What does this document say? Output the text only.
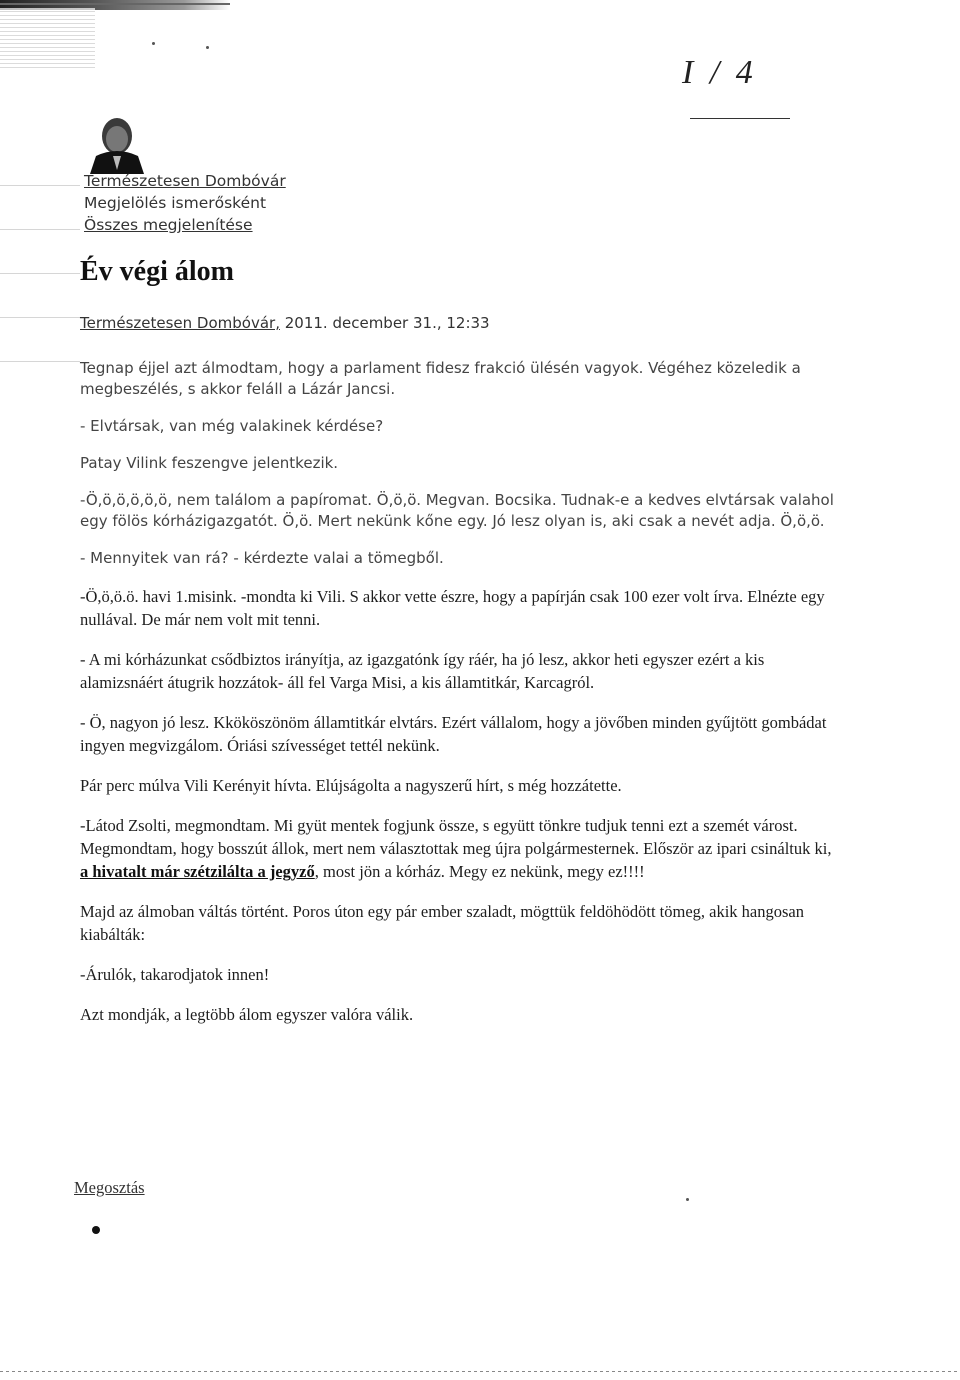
I / 4
Természetesen Dombóvár
Megjelölés ismerősként
Összes megjelenítése
Év végi álom
Természetesen Dombóvár, 2011. december 31., 12:33

Tegnap éjjel azt álmodtam, hogy a parlament fidesz frakció ülésén vagyok. Végéhez közeledik a megbeszélés, s akkor feláll a Lázár Jancsi.

- Elvtársak, van még valakinek kérdése?

Patay Vilink feszengve jelentkezik.

-Ö,ö,ö,ö,ö,ö, nem találom a papíromat. Ö,ö,ö. Megvan. Bocsika. Tudnak-e a kedves elvtársak valahol egy fölös kórházigazgatót. Ö,ö. Mert nekünk kőne egy. Jó lesz olyan is, aki csak a nevét adja. Ö,ö,ö.

- Mennyitek van rá? - kérdezte valai a tömegből.

-Ö,ö,ö.ö. havi 1.misink. -mondta ki Vili. S akkor vette észre, hogy a papírján csak 100 ezer volt írva. Elnézte egy nullával. De már nem volt mit tenni.

- A mi kórházunkat csődbiztos irányítja, az igazgatónk így ráér, ha jó lesz, akkor heti egyszer ezért a kis alamizsnáért átugrik hozzátok- áll fel Varga Misi, a kis államtitkár, Karcagról.

- Ö, nagyon jó lesz. Kkököszönöm államtitkár elvtárs. Ezért vállalom, hogy a jövőben minden gyűjtött gombádat ingyen megvizgálom. Óriási szívességet tettél nekünk.

Pár perc múlva Vili Kerényit hívta. Elújságolta a nagyszerű hírt, s még hozzátette.

-Látod Zsolti, megmondtam. Mi gyüt mentek fogjunk össze, s együtt tönkre tudjuk tenni ezt a szemét várost. Megmondtam, hogy bosszút állok, mert nem választottak meg újra polgármesternek. Először az ipari csináltuk ki, a hivatalt már szétzilálta a jegyző, most jön a kórház. Megy ez nekünk, megy ez!!!!

Majd az álmoban váltás történt. Poros úton egy pár ember szaladt, mögttük feldöhödött tömeg, akik hangosan kiabálták:

-Árulók, takarodjatok innen!

Azt mondják, a legtöbb álom egyszer valóra válik.

Megosztás
